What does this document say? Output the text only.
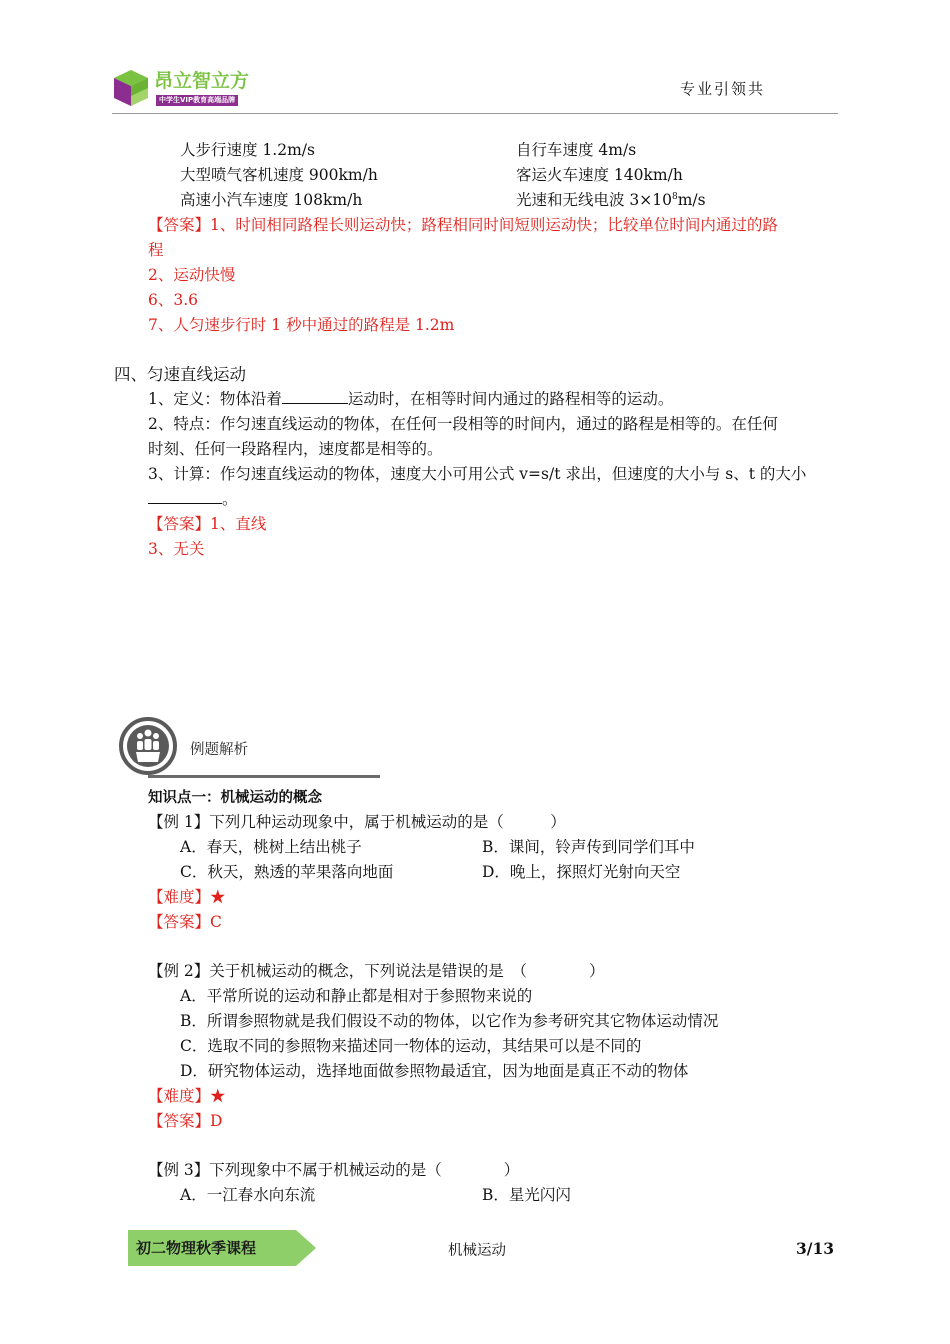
昂立智立方
中学生VIP教育高端品牌
专业引领共
人步行速度 1.2m/s	自行车速度 4m/s
大型喷气客机速度 900km/h	客运火车速度 140km/h
高速小汽车速度 108km/h	光速和无线电波 $3\times 10^8m/s$
【答案】1、时间相同路程长则运动快；路程相同时间短则运动快；比较单位时间内通过的路
程
2、运动快慢
6、3.6
7、人匀速步行时 1 秒中通过的路程是 1.2m
四、匀速直线运动
1、定义：物体沿着	运动时，在相等时间内通过的路程相等的运动。
2、特点：作匀速直线运动的物体，在任何一段相等的时间内，通过的路程是相等的。在任何
时刻、任何一段路程内，速度都是相等的。
3、计算：作匀速直线运动的物体，速度大小可用公式 v=s/t 求出，但速度的大小与 s、t 的大小
。
【答案】1、直线
3、无关
例题解析
知识点一：机械运动的概念
【例 1】下列几种运动现象中，属于机械运动的是（　　　）
A．春天，桃树上结出桃子	B．课间，铃声传到同学们耳中
C．秋天，熟透的苹果落向地面	D．晚上，探照灯光射向天空
【难度】★
【答案】C
【例 2】关于机械运动的概念，下列说法是错误的是　（　　　　）
A．平常所说的运动和静止都是相对于参照物来说的
B．所谓参照物就是我们假设不动的物体，以它作为参考研究其它物体运动情况
C．选取不同的参照物来描述同一物体的运动，其结果可以是不同的
D．研究物体运动，选择地面做参照物最适宜，因为地面是真正不动的物体
【难度】★
【答案】D
【例 3】下列现象中不属于机械运动的是（　　　　）
A．一江春水向东流	B．星光闪闪
初二物理秋季课程	机械运动	3/13
